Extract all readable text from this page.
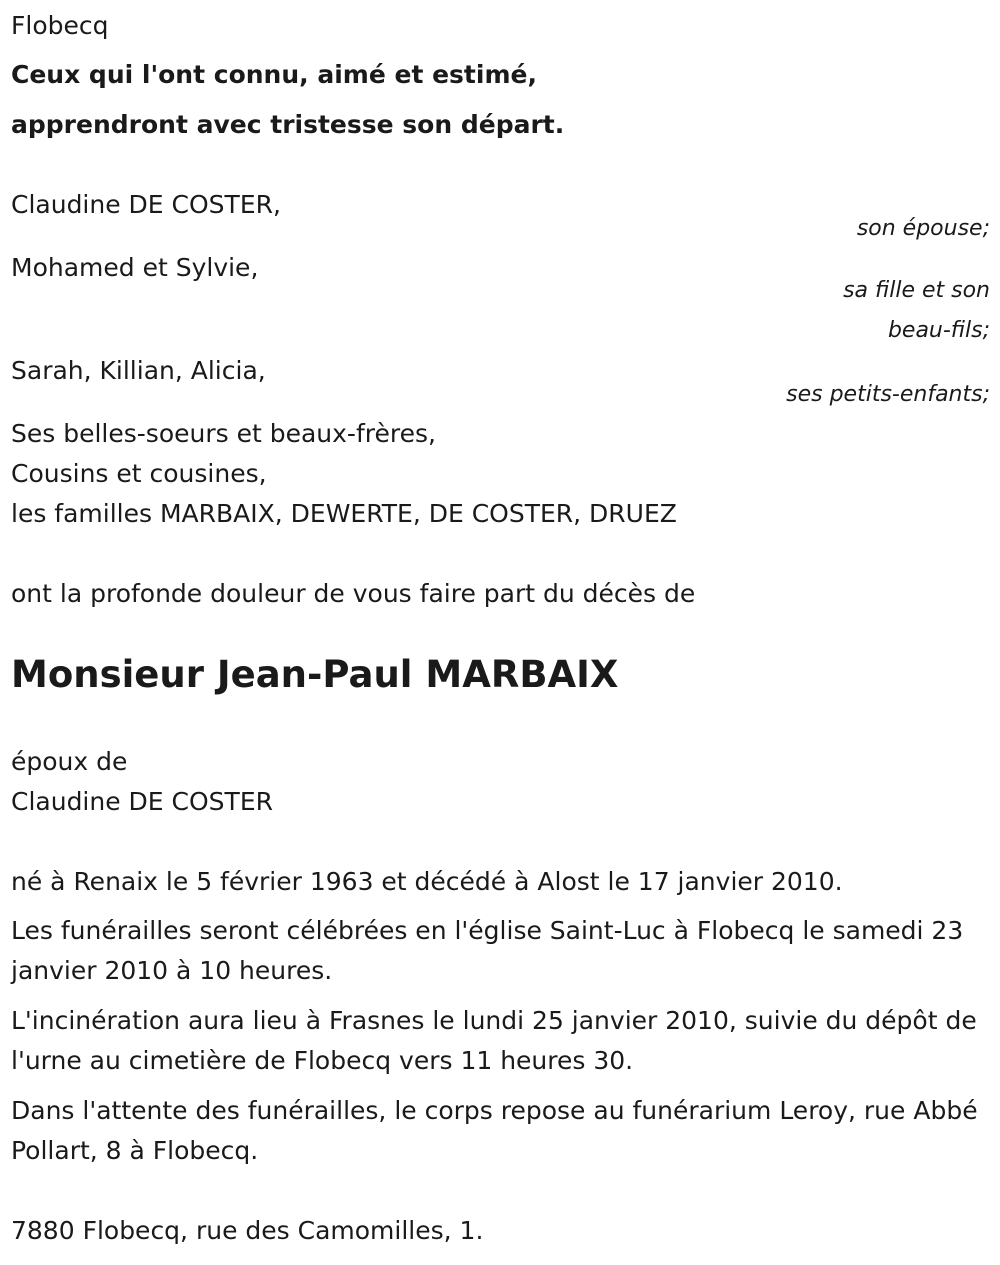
Flobecq
Ceux qui l'ont connu, aimé et estimé,
apprendront avec tristesse son départ.
Claudine DE COSTER,
son épouse;
Mohamed et Sylvie,
sa fille et son
beau-fils;
Sarah, Killian, Alicia,
ses petits-enfants;
Ses belles-soeurs et beaux-frères,
Cousins et cousines,
les familles MARBAIX, DEWERTE, DE COSTER, DRUEZ
ont la profonde douleur de vous faire part du décès de
Monsieur Jean-Paul MARBAIX
époux de
Claudine DE COSTER
né à Renaix le 5 février 1963 et décédé à Alost le 17 janvier 2010.
Les funérailles seront célébrées en l'église Saint-Luc à Flobecq le samedi 23 janvier 2010 à 10 heures.
L'incinération aura lieu à Frasnes le lundi 25 janvier 2010, suivie du dépôt de l'urne au cimetière de Flobecq vers 11 heures 30.
Dans l'attente des funérailles, le corps repose au funérarium Leroy, rue Abbé Pollart, 8 à Flobecq.
7880 Flobecq, rue des Camomilles, 1.
